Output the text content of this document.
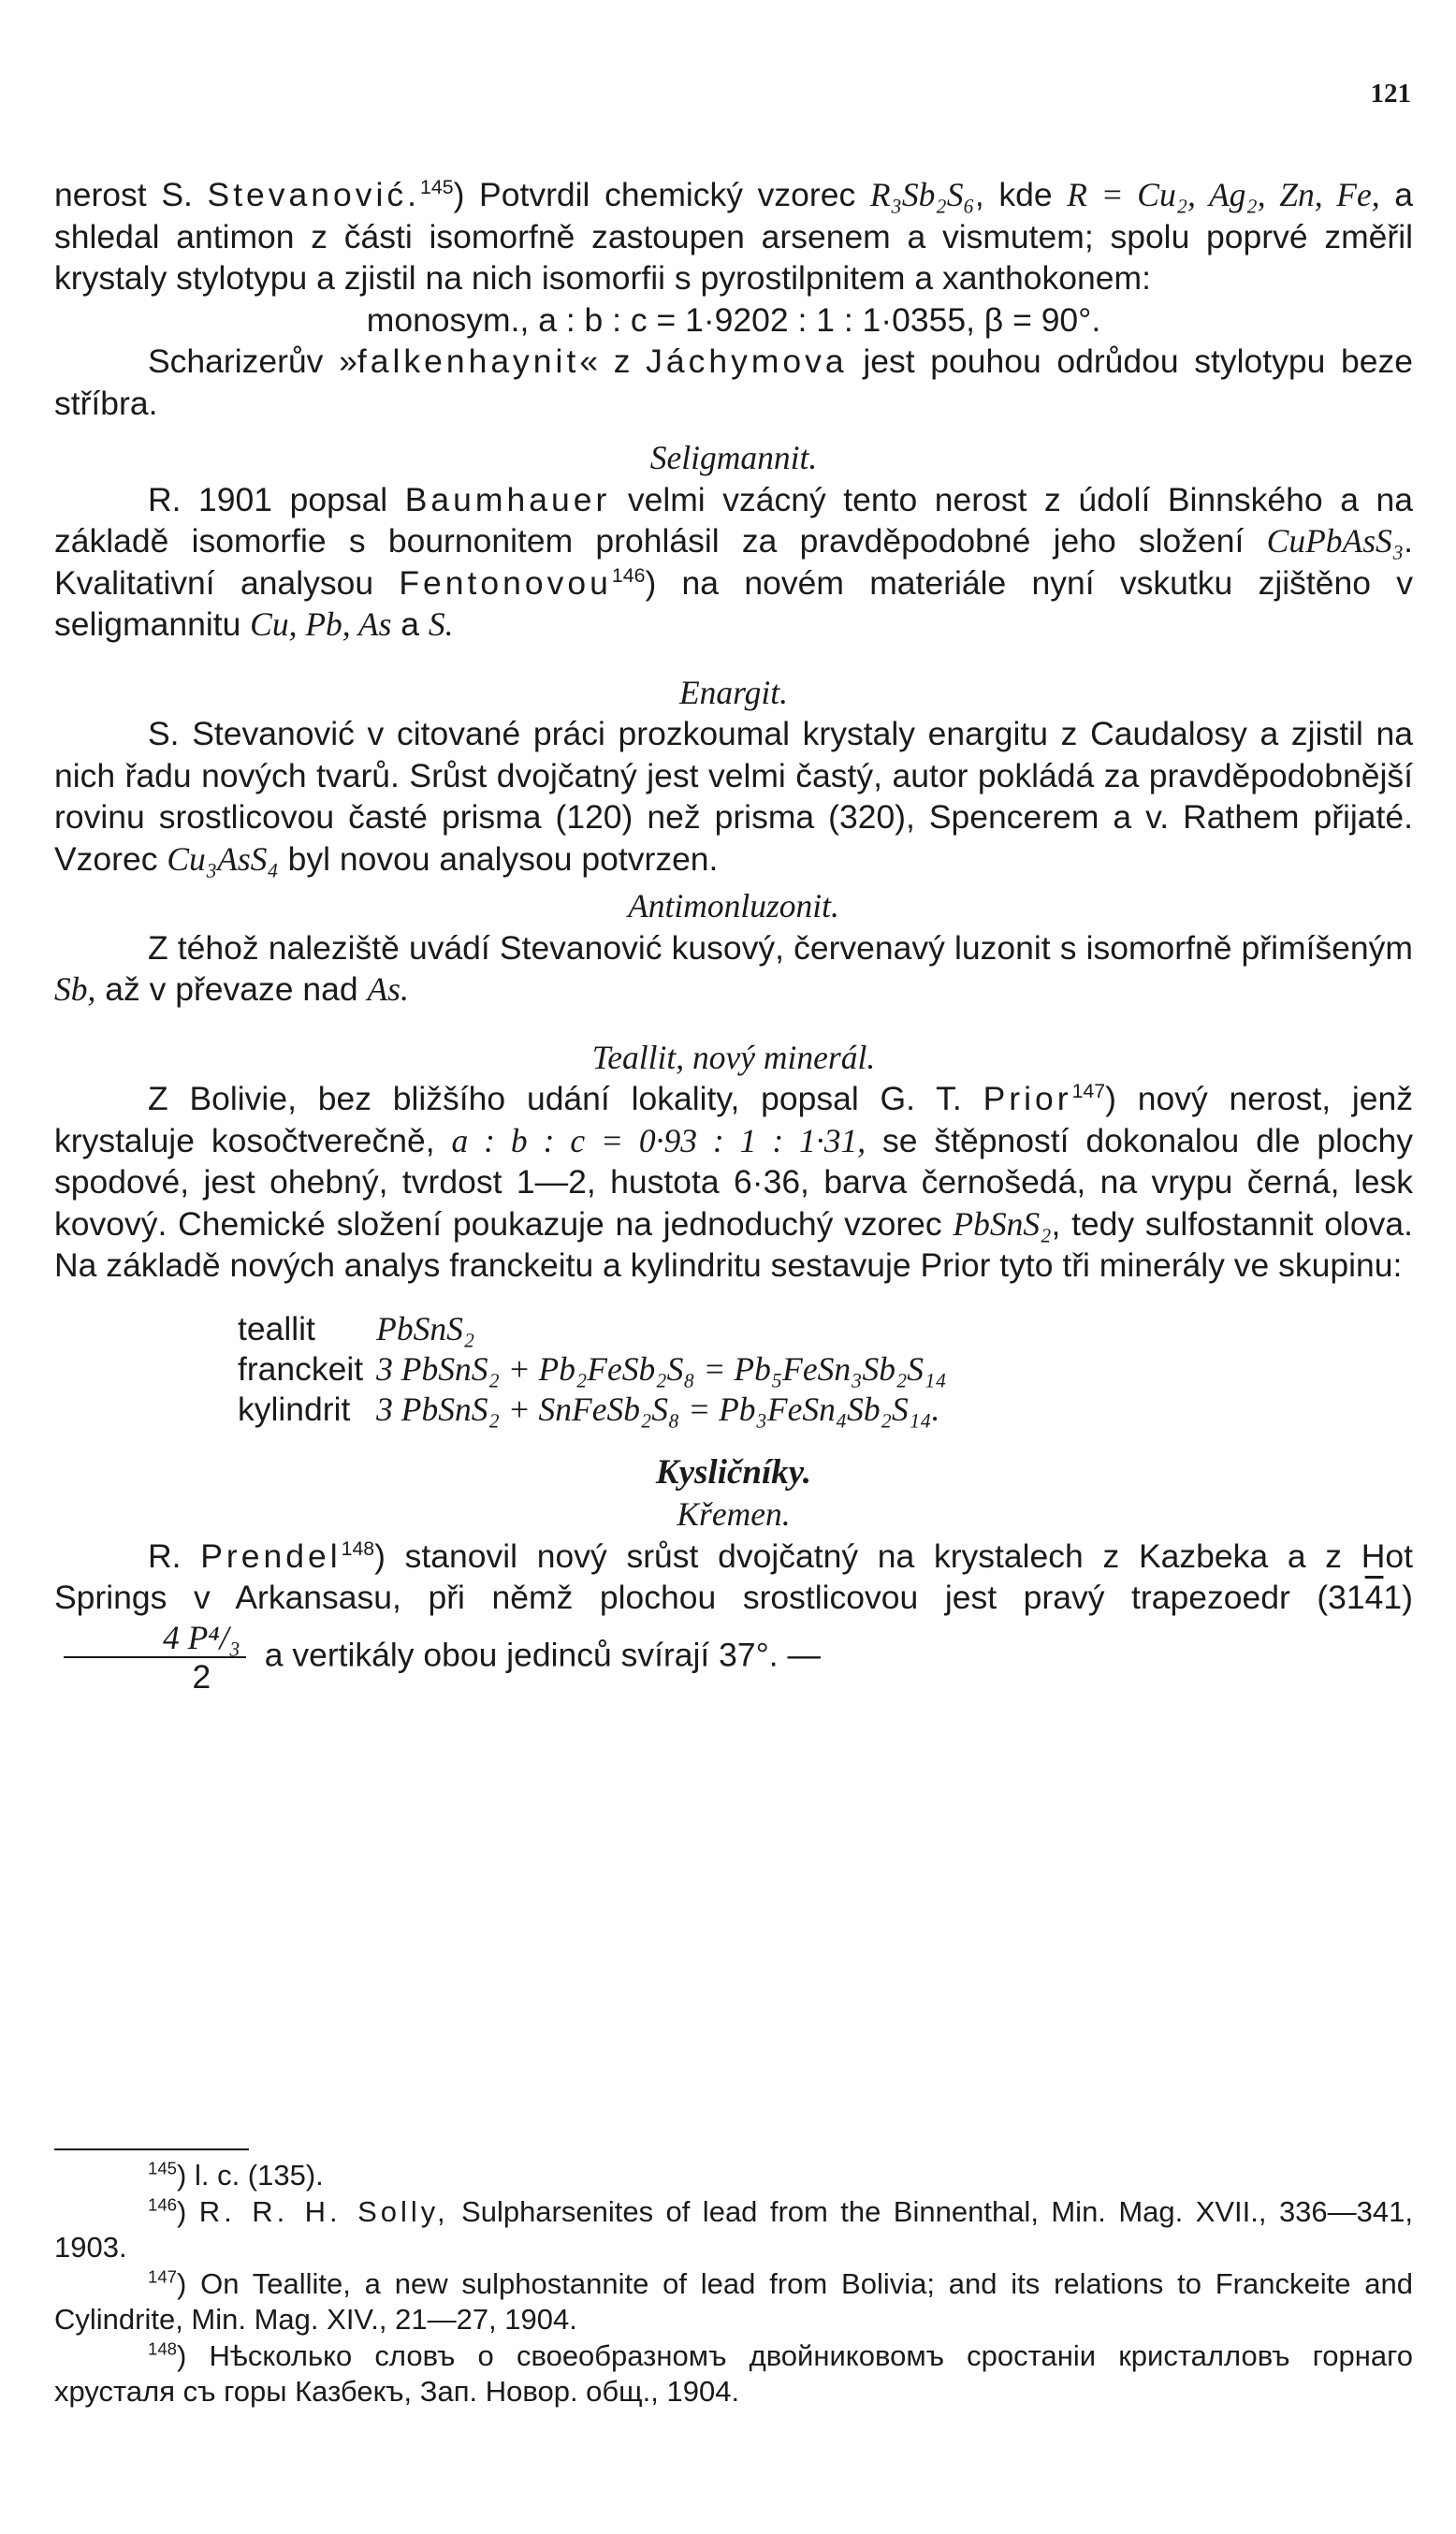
121

nerost S. Stevanović.$^{145}$) Potvrdil chemický vzorec R₃Sb₂S₆, kde R = Cu₂, Ag₂, Zn, Fe, a shledal antimon z části isomorfně zastoupen arsenem a vismutem; spolu poprvé změřil krystaly stylotypu a zjistil na nich isomorfii s pyrostilpnitem a xanthokonem:

monosym., a : b : c = 1·9202 : 1 : 1·0355, β = 90°.

Scharizerův »falkenhaynit« z Jáchymova jest pouhou odrůdou stylotypu beze stříbra.

Seligmannit.

R. 1901 popsal Baumhauer velmi vzácný tento nerost z údolí Binnského a na základě isomorfie s bournonitem prohlásil za pravděpodobné jeho složení CuPbAsS₃. Kvalitativní analysou Fentonovou$^{146}$) na novém materiále nyní vskutku zjištěno v seligmannitu Cu, Pb, As a S.

Enargit.

S. Stevanović v citované práci prozkoumal krystaly enargitu z Caudalosy a zjistil na nich řadu nových tvarů. Srůst dvojčatný jest velmi častý, autor pokládá za pravděpodobnější rovinu srostlicovou časté prisma (120) než prisma (320), Spencerem a v. Rathem přijaté. Vzorec Cu₃AsS₄ byl novou analysou potvrzen.

Antimonluzonit.

Z téhož naleziště uvádí Stevanović kusový, červenavý luzonit s isomorfně přimíšeným Sb, až v převaze nad As.

Teallit, nový minerál.

Z Bolivie, bez bližšího udání lokality, popsal G. T. Prior$^{147}$) nový nerost, jenž krystaluje kosočtverečně, a : b : c = 0·93 : 1 : 1·31, se štěpností dokonalou dle plochy spodové, jest ohebný, tvrdost 1—2, hustota 6·36, barva černošedá, na vrypu černá, lesk kovový. Chemické složení poukazuje na jednoduchý vzorec PbSnS₂, tedy sulfostannit olova. Na základě nových analys franckeitu a kylindritu sestavuje Prior tyto tři minerály ve skupinu:

teallit	PbSnS₂
franckeit	3 PbSnS₂ + Pb₂FeSb₂S₈ = Pb₅FeSn₃Sb₂S₁₄
kylindrit	3 PbSnS₂ + SnFeSb₂S₈ = Pb₃FeSn₄Sb₂S₁₄.

Kysličníky.

Křemen.

R. Prendel$^{148}$) stanovil nový srůst dvojčatný na krystalech z Kazbeka a z Hot Springs v Arkansasu, při němž plochou srostlicovou jest pravý trapezoedr (3141)
$\frac{\text{4 P⁴/₃}}{2}$ a vertikály obou jedinců svírají 37°. —

$^{145}$) l. c. (135).

$^{146}$) R. R. H. Solly, Sulpharsenites of lead from the Binnenthal, Min. Mag. XVII., 336—341, 1903.

$^{147}$) On Teallite, a new sulphostannite of lead from Bolivia; and its relations to Franckeite and Cylindrite, Min. Mag. XIV., 21—27, 1904.

$^{148}$) Нѣсколько словъ о своеобразномъ двойниковомъ сростаніи кристалловъ горнаго хрусталя съ горы Казбекъ, Зап. Новор. общ., 1904.
